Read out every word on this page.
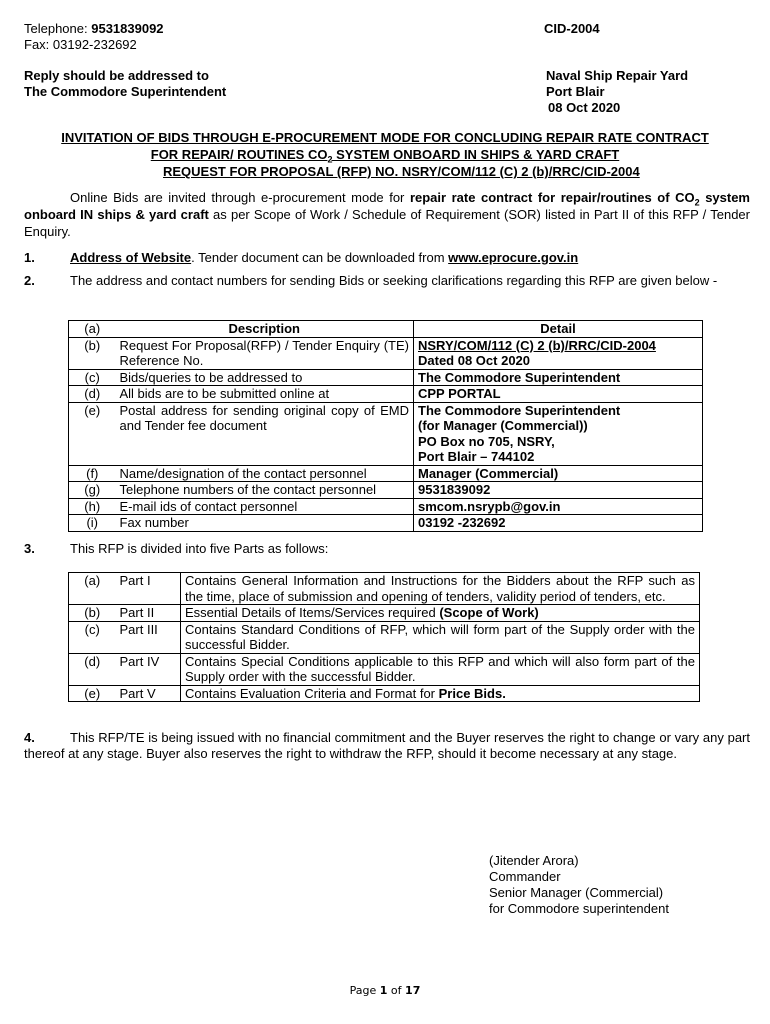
Telephone: 9531839092
Fax: 03192-232692
CID-2004
Reply should be addressed to
The Commodore Superintendent
Naval Ship Repair Yard
Port Blair
08 Oct 2020
INVITATION OF BIDS THROUGH E-PROCUREMENT MODE FOR CONCLUDING REPAIR RATE CONTRACT
FOR REPAIR/ ROUTINES $CO_2$ SYSTEM ONBOARD IN SHIPS & YARD CRAFT
REQUEST FOR PROPOSAL (RFP) NO. NSRY/COM/112 (C) 2 (b)/RRC/CID-2004
Online Bids are invited through e-procurement mode for repair rate contract for repair/routines of $CO_2$ system onboard IN ships & yard craft as per Scope of Work / Schedule of Requirement (SOR) listed in Part II of this RFP / Tender Enquiry.
1.	Address of Website. Tender document can be downloaded from www.eprocure.gov.in
2.	The address and contact numbers for sending Bids or seeking clarifications regarding this RFP are given below -
(a)	Description	Detail
(b)	Request For Proposal(RFP) / Tender Enquiry (TE) Reference No.	NSRY/COM/112 (C) 2 (b)/RRC/CID-2004
Dated 08 Oct 2020

(c)	Bids/queries to be addressed to	The Commodore Superintendent

(d)	All bids are to be submitted online at	CPP PORTAL

(e)	Postal address for sending original copy of EMD and Tender fee document	The Commodore Superintendent
(for Manager (Commercial))
PO Box no 705, NSRY,
Port Blair – 744102

(f)	Name/designation of the contact personnel	Manager (Commercial)

(g)	Telephone numbers of the contact personnel	9531839092

(h)	E-mail ids of contact personnel	smcom.nsrypb@gov.in

(i)	Fax number	03192 -232692
3.	This RFP is divided into five Parts as follows:
(a)	Part I	Contains General Information and Instructions for the Bidders about the RFP such as the time, place of submission and opening of tenders, validity period of tenders, etc.
(b)	Part II	Essential Details of Items/Services required (Scope of Work)
(c)	Part III	Contains Standard Conditions of RFP, which will form part of the Supply order with the successful Bidder.
(d)	Part IV	Contains Special Conditions applicable to this RFP and which will also form part of the Supply order with the successful Bidder.
(e)	Part V	Contains Evaluation Criteria and Format for Price Bids.
This RFP/TE is being issued with no financial commitment and the Buyer reserves the right to change or vary any part thereof at any stage. Buyer also reserves the right to withdraw the RFP, should it become necessary at any stage.
4.
(Jitender Arora)
Commander
Senior Manager (Commercial)
for Commodore superintendent
Page 1 of 17
